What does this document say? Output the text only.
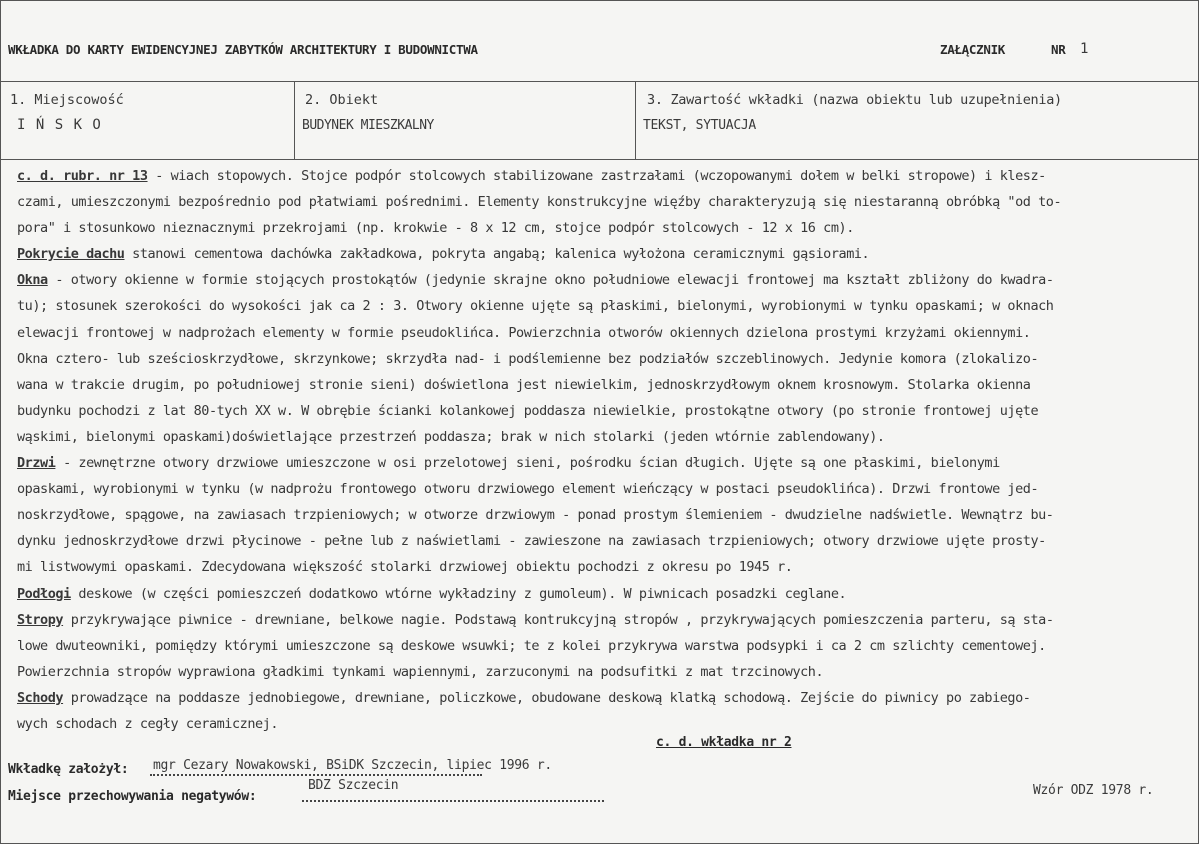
WKŁADKA DO KARTY EWIDENCYJNEJ ZABYTKÓW ARCHITEKTURY I BUDOWNICTWA	ZAŁĄCZNIK	NR 1
1. Miejscowość
I Ń S K O
2. Obiekt
BUDYNEK MIESZKALNY
3. Zawartość wkładki (nazwa obiektu lub uzupełnienia)
TEKST, SYTUACJA
c. d. rubr. nr 13 - wiach stopowych. Stojce podpór stolcowych stabilizowane zastrzałami (wczopowanymi dołem w belki stropowe) i klesz-
czami, umieszczonymi bezpośrednio pod płatwiami pośrednimi. Elementy konstrukcyjne więźby charakteryzują się niestaranną obróbką "od to-
pora" i stosunkowo nieznacznymi przekrojami (np. krokwie - 8 x 12 cm, stojce podpór stolcowych - 12 x 16 cm).
Pokrycie dachu stanowi cementowa dachówka zakładkowa, pokryta angabą; kalenica wyłożona ceramicznymi gąsiorami.
Okna - otwory okienne w formie stojących prostokątów (jedynie skrajne okno południowe elewacji frontowej ma kształt zbliżony do kwadra-
tu); stosunek szerokości do wysokości jak ca 2 : 3. Otwory okienne ujęte są płaskimi, bielonymi, wyrobionymi w tynku opaskami; w oknach
elewacji frontowej w nadprożach elementy w formie pseudoklińca. Powierzchnia otworów okiennych dzielona prostymi krzyżami okiennymi.
Okna cztero- lub sześcioskrzydłowe, skrzynkowe; skrzydła nad- i podślemienne bez podziałów szczeblinowych. Jedynie komora (zlokalizo-
wana w trakcie drugim, po południowej stronie sieni) doświetlona jest niewielkim, jednoskrzydłowym oknem krosnowym. Stolarka okienna
budynku pochodzi z lat 80-tych XX w. W obrębie ścianki kolankowej poddasza niewielkie, prostokątne otwory (po stronie frontowej ujęte
wąskimi, bielonymi opaskami)doświetlające przestrzeń poddasza; brak w nich stolarki (jeden wtórnie zablendowany).
Drzwi - zewnętrzne otwory drzwiowe umieszczone w osi przelotowej sieni, pośrodku ścian długich. Ujęte są one płaskimi, bielonymi
opaskami, wyrobionymi w tynku (w nadprożu frontowego otworu drzwiowego element wieńczący w postaci pseudoklińca). Drzwi frontowe jed-
noskrzydłowe, spągowe, na zawiasach trzpieniowych; w otworze drzwiowym - ponad prostym ślemieniem - dwudzielne nadświetle. Wewnątrz bu-
dynku jednoskrzydłowe drzwi płycinowe - pełne lub z naświetlami - zawieszone na zawiasach trzpieniowych; otwory drzwiowe ujęte prosty-
mi listwowymi opaskami. Zdecydowana większość stolarki drzwiowej obiektu pochodzi z okresu po 1945 r.
Podłogi deskowe (w części pomieszczeń dodatkowo wtórne wykładziny z gumoleum). W piwnicach posadzki ceglane.
Stropy przykrywające piwnice - drewniane, belkowe nagie. Podstawą kontrukcyjną stropów , przykrywających pomieszczenia parteru, są sta-
lowe dwuteowniki, pomiędzy którymi umieszczone są deskowe wsuwki; te z kolei przykrywa warstwa podsypki i ca 2 cm szlichty cementowej.
Powierzchnia stropów wyprawiona gładkimi tynkami wapiennymi, zarzuconymi na podsufitki z mat trzcinowych.
Schody prowadzące na poddasze jednobiegowe, drewniane, policzkowe, obudowane deskową klatką schodową. Zejście do piwnicy po zabiego-
wych schodach z cegły ceramicznej.
c. d. wkładka nr 2
Wkładkę założył: mgr Cezary Nowakowski, BSiDK Szczecin, lipiec 1996 r.
Miejsce przechowywania negatywów:
BDZ Szczecin	Wzór ODZ 1978 r.
